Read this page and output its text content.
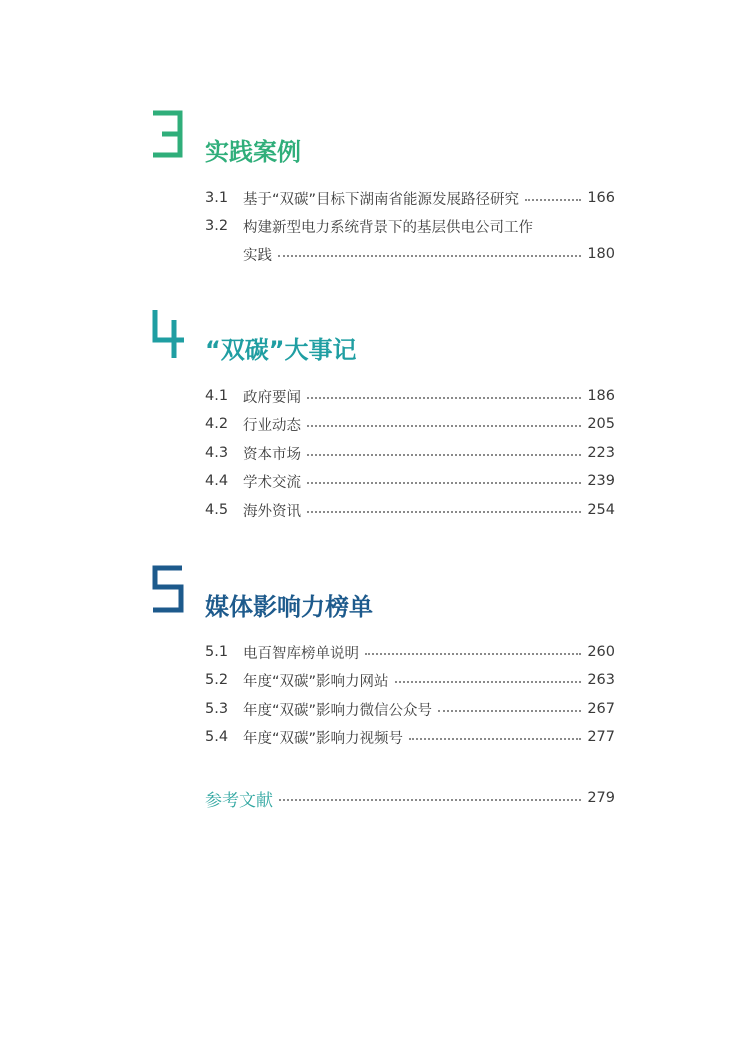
实践案例
3.1	基于“双碳”目标下湖南省能源发展路径研究	166
3.2	构建新型电力系统背景下的基层供电公司工作
实践	180
“双碳”大事记
4.1	政府要闻	186
4.2	行业动态	205
4.3	资本市场	223
4.4	学术交流	239
4.5	海外资讯	254
媒体影响力榜单
5.1	电百智库榜单说明	260
5.2	年度“双碳”影响力网站	263
5.3	年度“双碳”影响力微信公众号	267
5.4	年度“双碳”影响力视频号	277
参考文献	279
